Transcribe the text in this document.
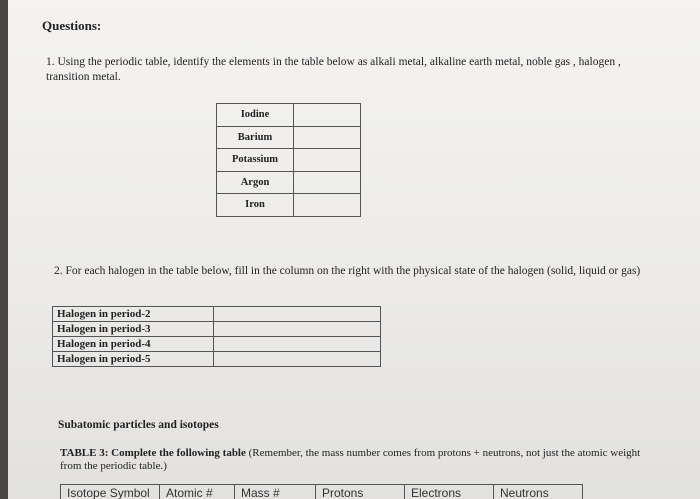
Questions:
1. Using the periodic table, identify the elements in the table below as alkali metal, alkaline earth metal, noble gas , halogen , transition metal.
Iodine	
Barium	
Potassium	
Argon	
Iron	
2. For each halogen in the table below, fill in the column on the right with the physical state of the halogen (solid, liquid or gas)
Halogen in period-2	
Halogen in period-3	
Halogen in period-4	
Halogen in period-5	
Subatomic particles and isotopes
TABLE 3: Complete the following table (Remember, the mass number comes from protons + neutrons, not just the atomic weight from the periodic table.)
Isotope Symbol	Atomic #	Mass #	Protons	Electrons	Neutrons
